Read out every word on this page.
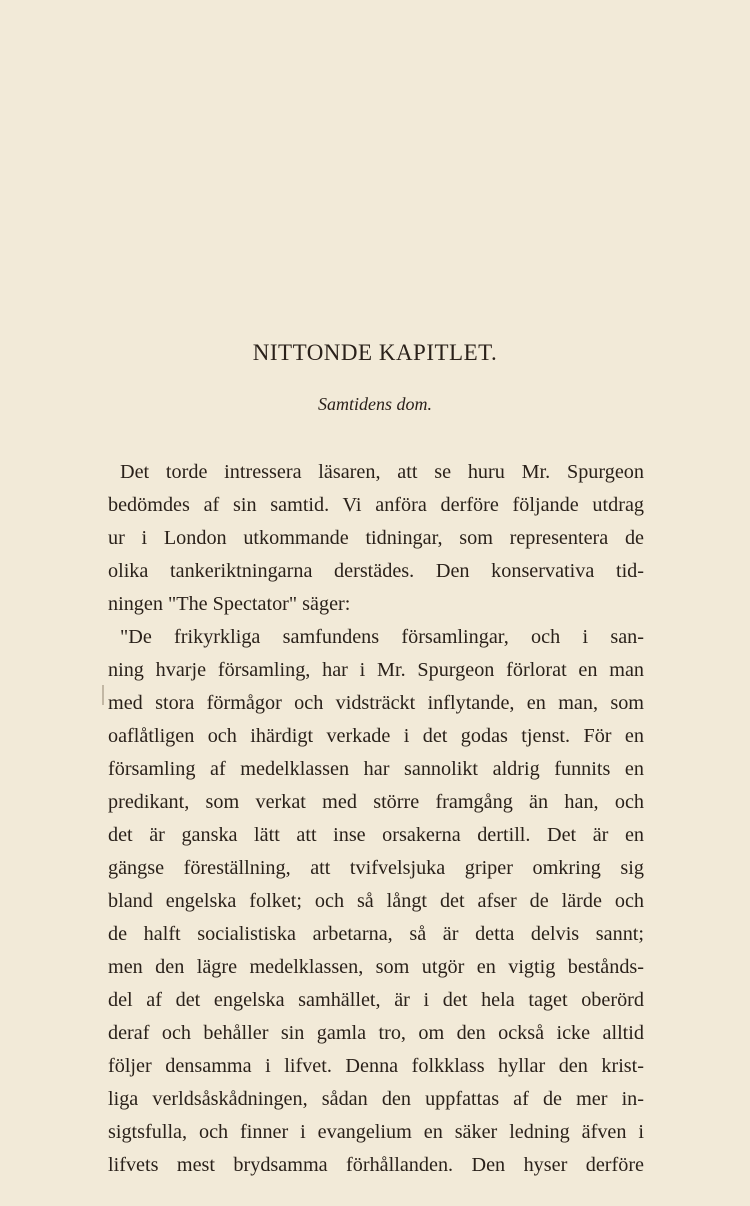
NITTONDE KAPITLET.
Samtidens dom.
Det torde intressera läsaren, att se huru Mr. Spurgeon
bedömdes af sin samtid. Vi anföra derföre följande utdrag
ur i London utkommande tidningar, som representera de
olika tankeriktningarna derstädes. Den konservativa tid-
ningen "The Spectator" säger:
"De frikyrkliga samfundens församlingar, och i san-
ning hvarje församling, har i Mr. Spurgeon förlorat en man
med stora förmågor och vidsträckt inflytande, en man, som
oaflåtligen och ihärdigt verkade i det godas tjenst. För en
församling af medelklassen har sannolikt aldrig funnits en
predikant, som verkat med större framgång än han, och
det är ganska lätt att inse orsakerna dertill. Det är en
gängse föreställning, att tvifvelsjuka griper omkring sig
bland engelska folket; och så långt det afser de lärde och
de halft socialistiska arbetarna, så är detta delvis sannt;
men den lägre medelklassen, som utgör en vigtig bestånds-
del af det engelska samhället, är i det hela taget oberörd
deraf och behåller sin gamla tro, om den också icke alltid
följer densamma i lifvet. Denna folkklass hyllar den krist-
liga verldsåskådningen, sådan den uppfattas af de mer in-
sigtsfulla, och finner i evangelium en säker ledning äfven i
lifvets mest brydsamma förhållanden. Den hyser derföre
